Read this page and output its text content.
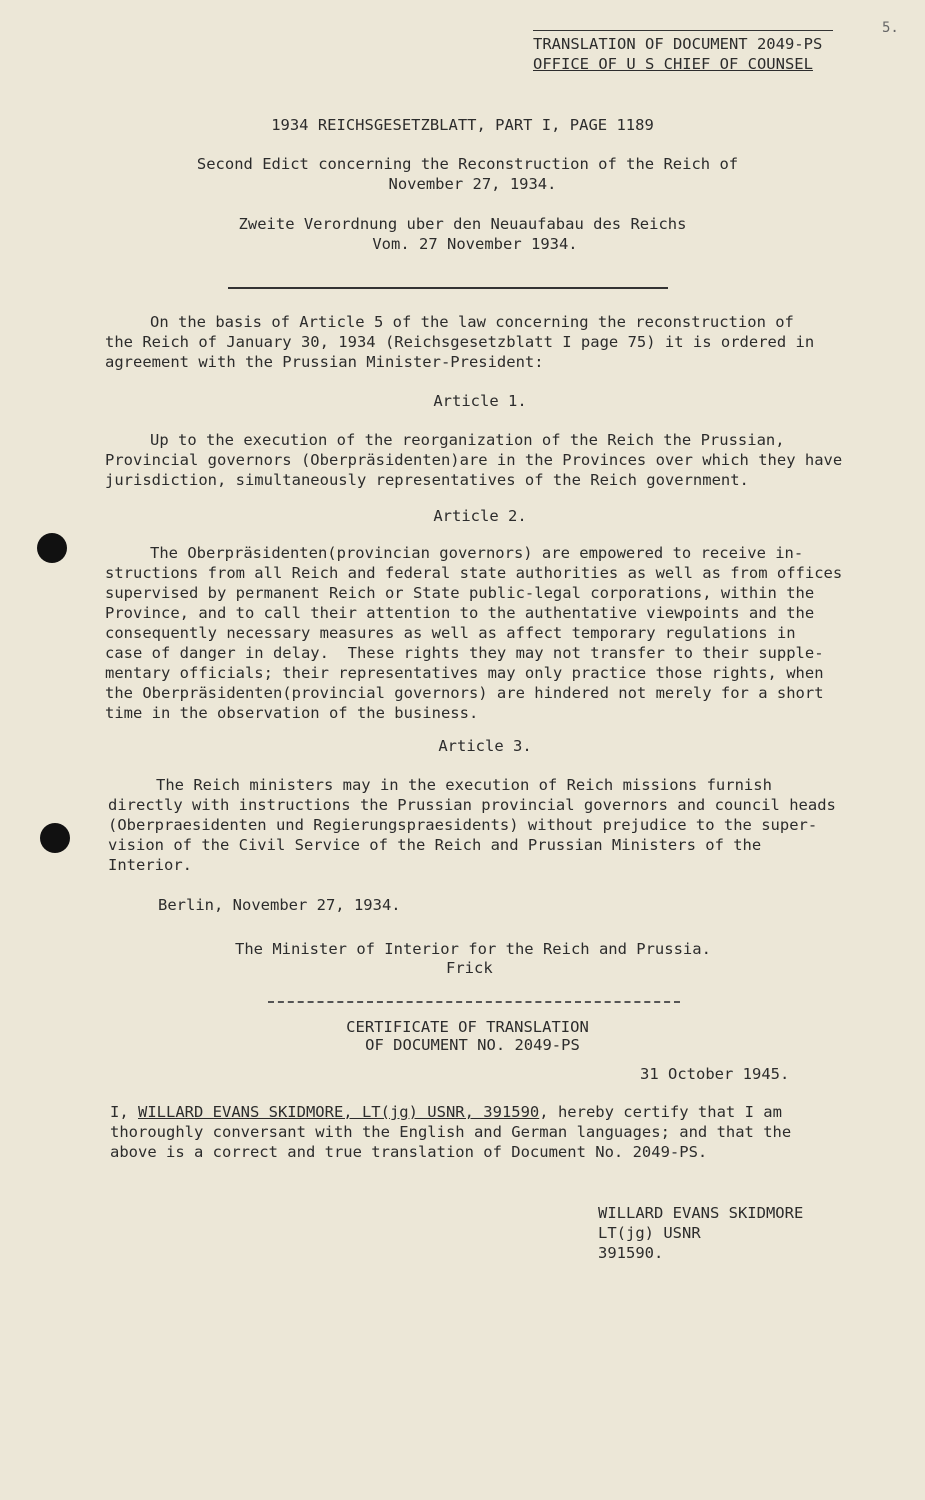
TRANSLATION OF DOCUMENT 2049-PS
OFFICE OF U S CHIEF OF COUNSEL
5.
1934 REICHSGESETZBLATT, PART I, PAGE 1189
Second Edict concerning the Reconstruction of the Reich of
November 27, 1934.
Zweite Verordnung uber den Neuaufabau des Reichs
Vom. 27 November 1934.
On the basis of Article 5 of the law concerning the reconstruction of
the Reich of January 30, 1934 (Reichsgesetzblatt I page 75) it is ordered in
agreement with the Prussian Minister-President:
Article 1.
Up to the execution of the reorganization of the Reich the Prussian,
Provincial governors (Oberpräsidenten)are in the Provinces over which they have
jurisdiction, simultaneously representatives of the Reich government.
Article 2.
The Oberpräsidenten(provincian governors) are empowered to receive in-
structions from all Reich and federal state authorities as well as from offices
supervised by permanent Reich or State public-legal corporations, within the
Province, and to call their attention to the authentative viewpoints and the
consequently necessary measures as well as affect temporary regulations in
case of danger in delay.  These rights they may not transfer to their supple-
mentary officials; their representatives may only practice those rights, when
the Oberpräsidenten(provincial governors) are hindered not merely for a short
time in the observation of the business.
Article 3.
The Reich ministers may in the execution of Reich missions furnish
directly with instructions the Prussian provincial governors and council heads
(Oberpraesidenten und Regierungspraesidents) without prejudice to the super-
vision of the Civil Service of the Reich and Prussian Ministers of the
Interior.
Berlin, November 27, 1934.
The Minister of Interior for the Reich and Prussia.
Frick
CERTIFICATE OF TRANSLATION
OF DOCUMENT NO. 2049-PS
31 October 1945.
I, WILLARD EVANS SKIDMORE, LT(jg) USNR, 391590, hereby certify that I am
thoroughly conversant with the English and German languages; and that the
above is a correct and true translation of Document No. 2049-PS.
WILLARD EVANS SKIDMORE
LT(jg) USNR
391590.
